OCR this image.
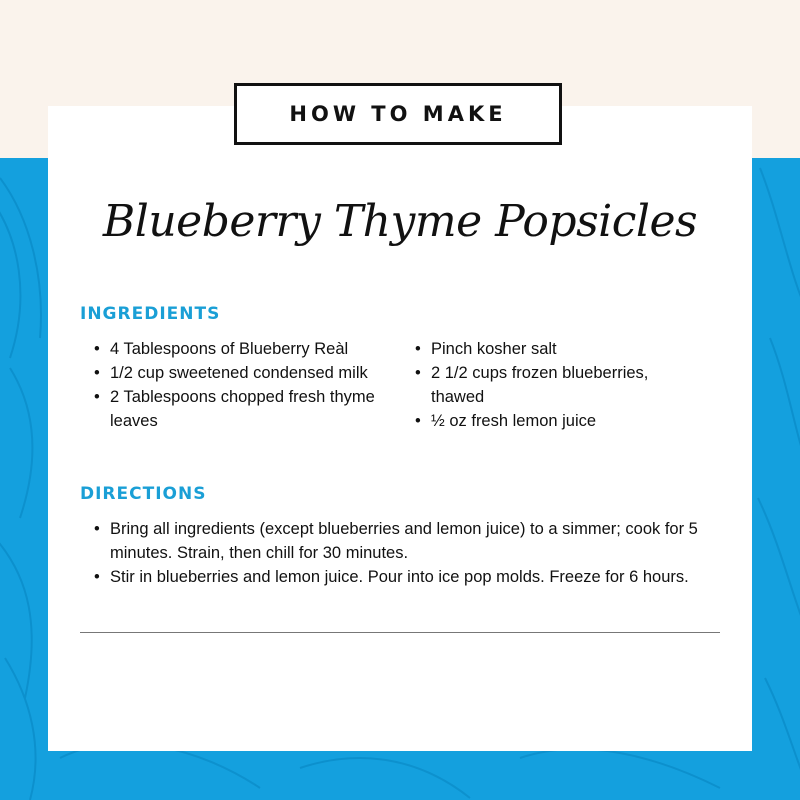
HOW TO MAKE
Blueberry Thyme Popsicles
INGREDIENTS
• 4 Tablespoons of Blueberry Reàl
• 1/2 cup sweetened condensed milk
• 2 Tablespoons chopped fresh thyme leaves
• Pinch kosher salt
• 2 1/2 cups frozen blueberries, thawed
• ½ oz fresh lemon juice
DIRECTIONS
• Bring all ingredients (except blueberries and lemon juice) to a simmer; cook for 5 minutes. Strain, then chill for 30 minutes.
• Stir in blueberries and lemon juice. Pour into ice pop molds. Freeze for 6 hours.
